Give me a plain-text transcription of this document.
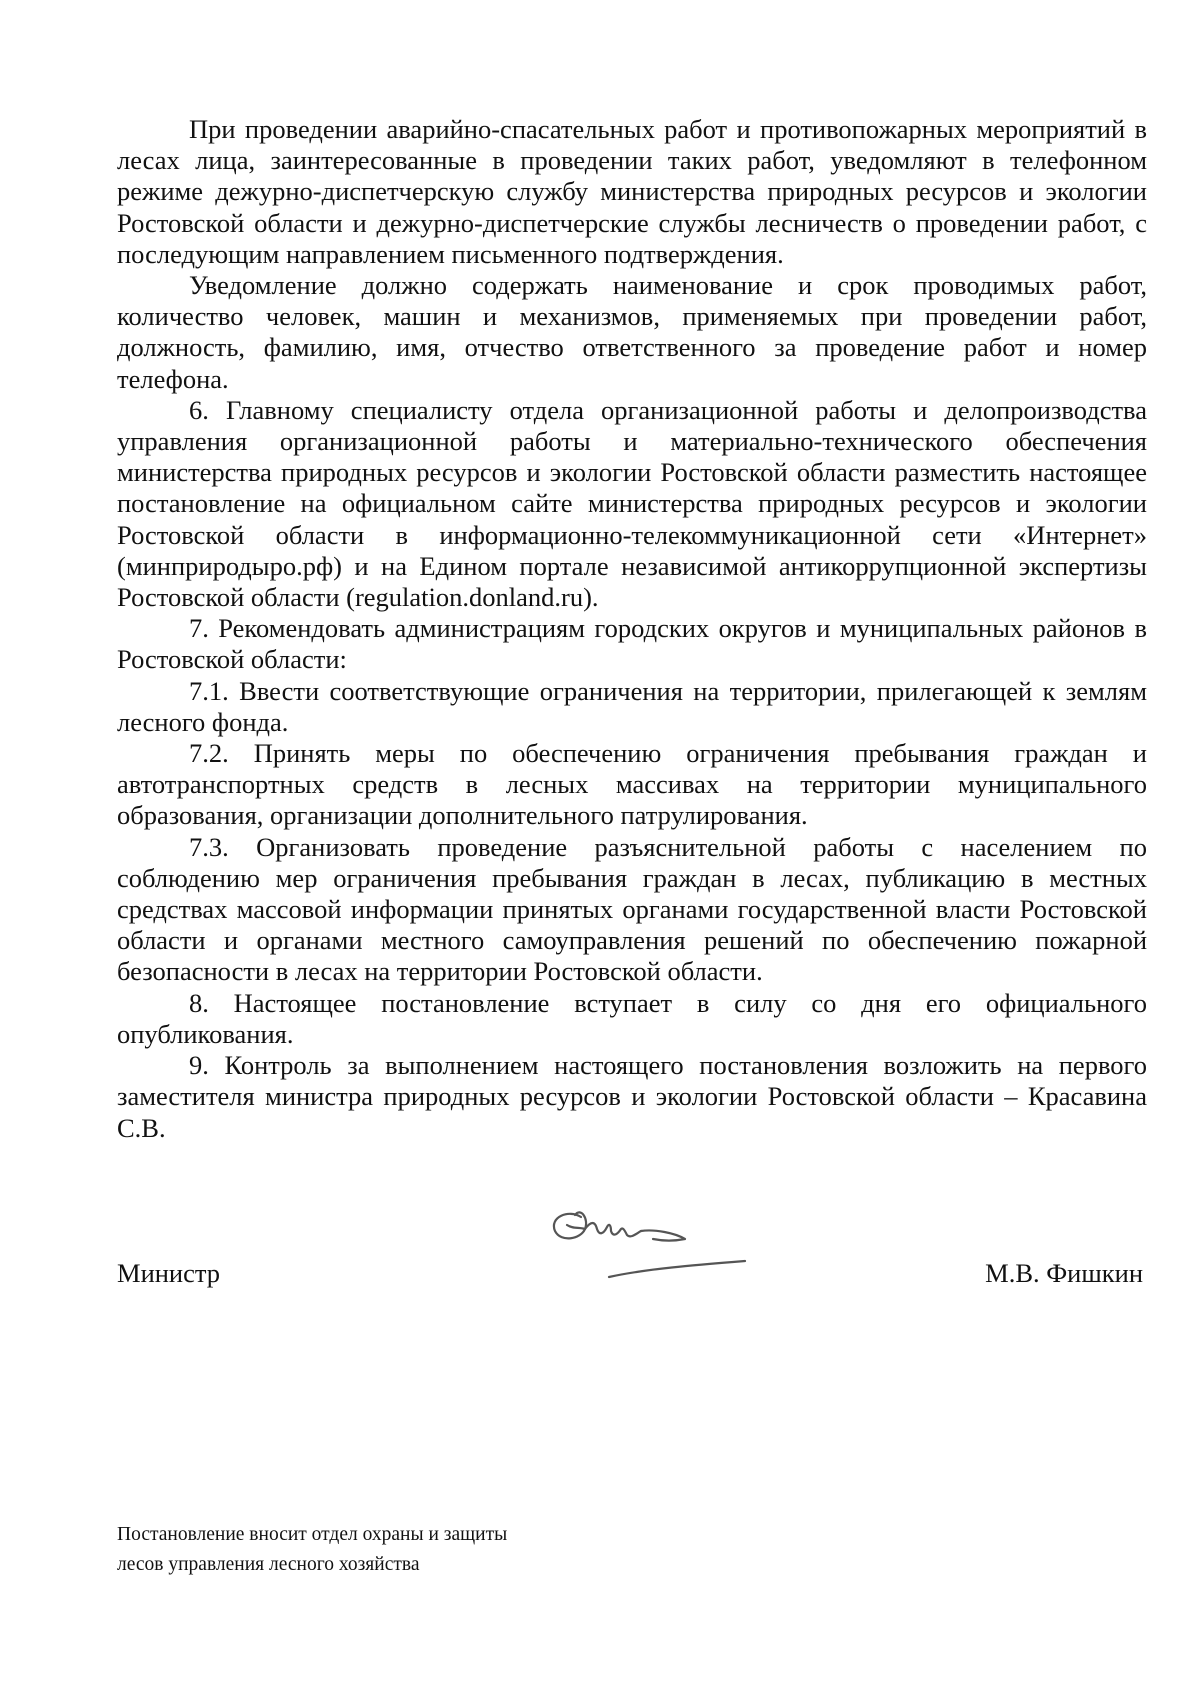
При проведении аварийно-спасательных работ и противопожарных мероприятий в лесах лица, заинтересованные в проведении таких работ, уведомляют в телефонном режиме дежурно-диспетчерскую службу министерства природных ресурсов и экологии Ростовской области и дежурно-диспетчерские службы лесничеств о проведении работ, с последующим направлением письменного подтверждения.

Уведомление должно содержать наименование и срок проводимых работ, количество человек, машин и механизмов, применяемых при проведении работ, должность, фамилию, имя, отчество ответственного за проведение работ и номер телефона.

6. Главному специалисту отдела организационной работы и делопроизводства управления организационной работы и материально-технического обеспечения министерства природных ресурсов и экологии Ростовской области разместить настоящее постановление на официальном сайте министерства природных ресурсов и экологии Ростовской области в информационно-телекоммуникационной сети «Интернет» (минприродыро.рф) и на Едином портале независимой антикоррупционной экспертизы Ростовской области (regulation.donland.ru).

7. Рекомендовать администрациям городских округов и муниципальных районов в Ростовской области:

7.1. Ввести соответствующие ограничения на территории, прилегающей к землям лесного фонда.

7.2. Принять меры по обеспечению ограничения пребывания граждан и автотранспортных средств в лесных массивах на территории муниципального образования, организации дополнительного патрулирования.

7.3. Организовать проведение разъяснительной работы с населением по соблюдению мер ограничения пребывания граждан в лесах, публикацию в местных средствах массовой информации принятых органами государственной власти Ростовской области и органами местного самоуправления решений по обеспечению пожарной безопасности в лесах на территории Ростовской области.

8. Настоящее постановление вступает в силу со дня его официального опубликования.

9. Контроль за выполнением настоящего постановления возложить на первого заместителя министра природных ресурсов и экологии Ростовской области – Красавина С.В.

Министр	М.В. Фишкин
Постановление вносит отдел охраны и защиты
лесов управления лесного хозяйства
